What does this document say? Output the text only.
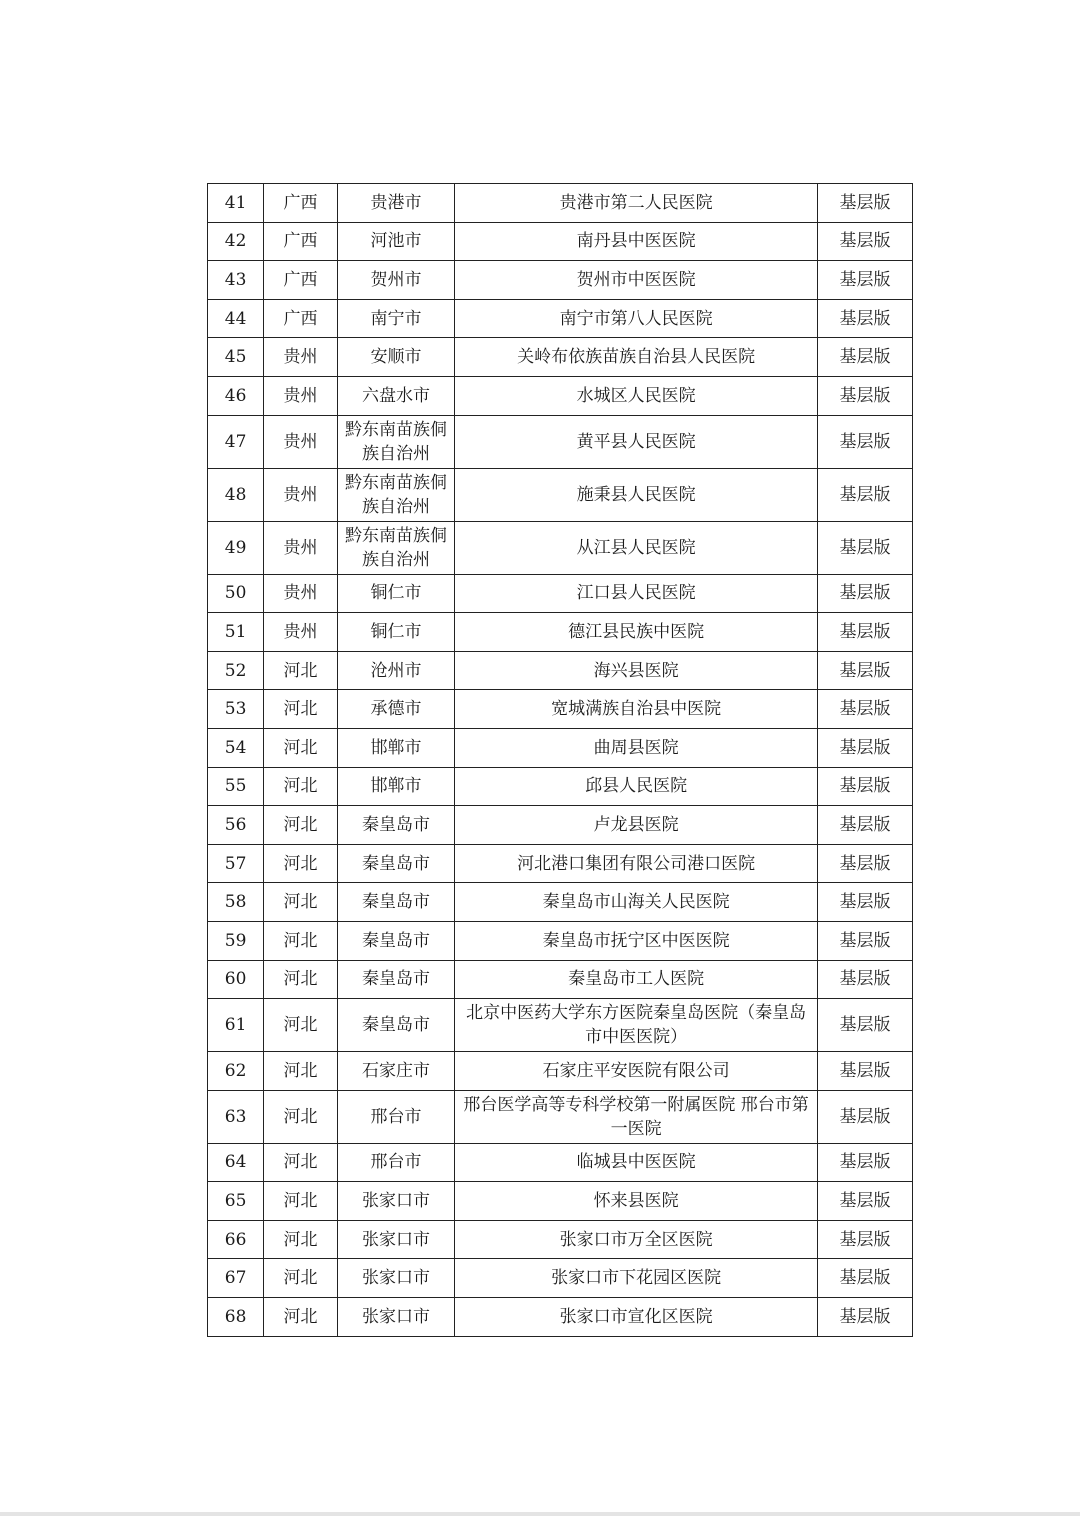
41	广西	贵港市	贵港市第二人民医院	基层版
42	广西	河池市	南丹县中医医院	基层版
43	广西	贺州市	贺州市中医医院	基层版
44	广西	南宁市	南宁市第八人民医院	基层版
45	贵州	安顺市	关岭布依族苗族自治县人民医院	基层版
46	贵州	六盘水市	水城区人民医院	基层版
47	贵州	黔东南苗族侗族自治州	黄平县人民医院	基层版
48	贵州	黔东南苗族侗族自治州	施秉县人民医院	基层版
49	贵州	黔东南苗族侗族自治州	从江县人民医院	基层版
50	贵州	铜仁市	江口县人民医院	基层版
51	贵州	铜仁市	德江县民族中医院	基层版
52	河北	沧州市	海兴县医院	基层版
53	河北	承德市	宽城满族自治县中医院	基层版
54	河北	邯郸市	曲周县医院	基层版
55	河北	邯郸市	邱县人民医院	基层版
56	河北	秦皇岛市	卢龙县医院	基层版
57	河北	秦皇岛市	河北港口集团有限公司港口医院	基层版
58	河北	秦皇岛市	秦皇岛市山海关人民医院	基层版
59	河北	秦皇岛市	秦皇岛市抚宁区中医医院	基层版
60	河北	秦皇岛市	秦皇岛市工人医院	基层版
61	河北	秦皇岛市	北京中医药大学东方医院秦皇岛医院（秦皇岛市中医医院）	基层版
62	河北	石家庄市	石家庄平安医院有限公司	基层版
63	河北	邢台市	邢台医学高等专科学校第一附属医院 邢台市第一医院	基层版
64	河北	邢台市	临城县中医医院	基层版
65	河北	张家口市	怀来县医院	基层版
66	河北	张家口市	张家口市万全区医院	基层版
67	河北	张家口市	张家口市下花园区医院	基层版
68	河北	张家口市	张家口市宣化区医院	基层版
